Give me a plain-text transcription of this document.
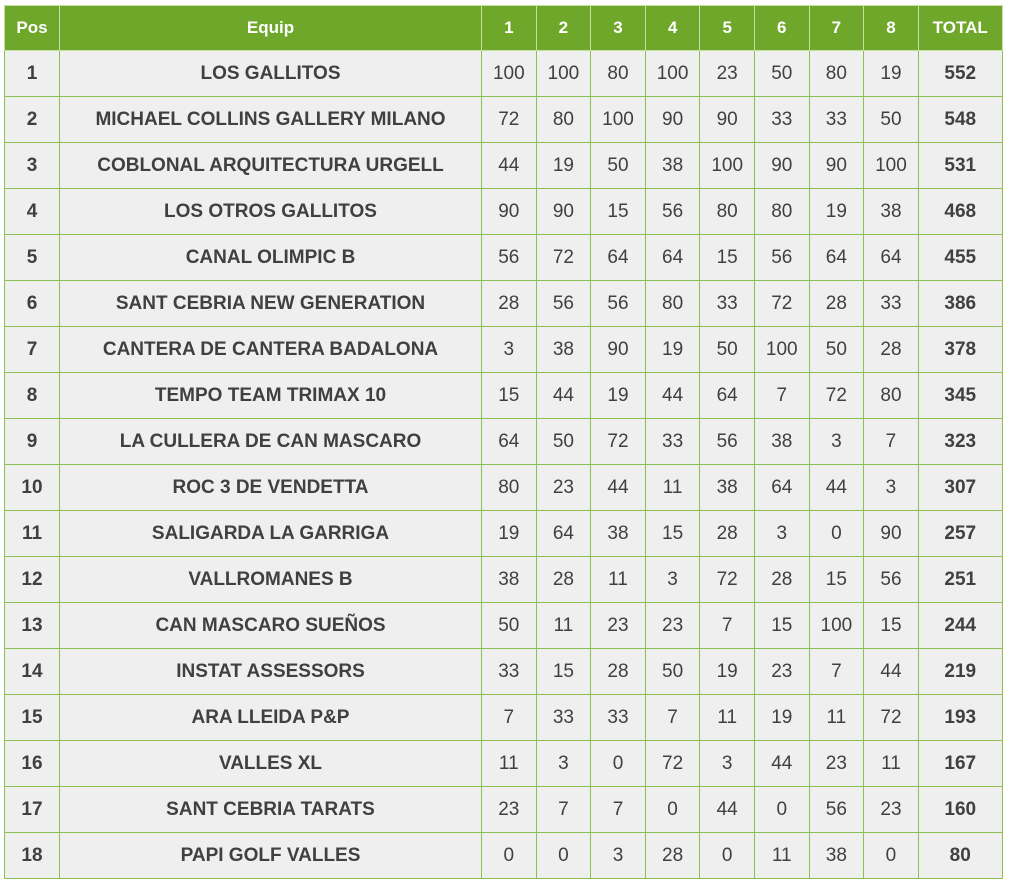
Pos	Equip	1	2	3	4	5	6	7	8	TOTAL
1	LOS GALLITOS	100	100	80	100	23	50	80	19	552
2	MICHAEL COLLINS GALLERY MILANO	72	80	100	90	90	33	33	50	548
3	COBLONAL ARQUITECTURA URGELL	44	19	50	38	100	90	90	100	531
4	LOS OTROS GALLITOS	90	90	15	56	80	80	19	38	468
5	CANAL OLIMPIC B	56	72	64	64	15	56	64	64	455
6	SANT CEBRIA NEW GENERATION	28	56	56	80	33	72	28	33	386
7	CANTERA DE CANTERA BADALONA	3	38	90	19	50	100	50	28	378
8	TEMPO TEAM TRIMAX 10	15	44	19	44	64	7	72	80	345
9	LA CULLERA DE CAN MASCARO	64	50	72	33	56	38	3	7	323
10	ROC 3 DE VENDETTA	80	23	44	11	38	64	44	3	307
11	SALIGARDA LA GARRIGA	19	64	38	15	28	3	0	90	257
12	VALLROMANES B	38	28	11	3	72	28	15	56	251
13	CAN MASCARO SUEÑOS	50	11	23	23	7	15	100	15	244
14	INSTAT ASSESSORS	33	15	28	50	19	23	7	44	219
15	ARA LLEIDA P&P	7	33	33	7	11	19	11	72	193
16	VALLES XL	11	3	0	72	3	44	23	11	167
17	SANT CEBRIA TARATS	23	7	7	0	44	0	56	23	160
18	PAPI GOLF VALLES	0	0	3	28	0	11	38	0	80
